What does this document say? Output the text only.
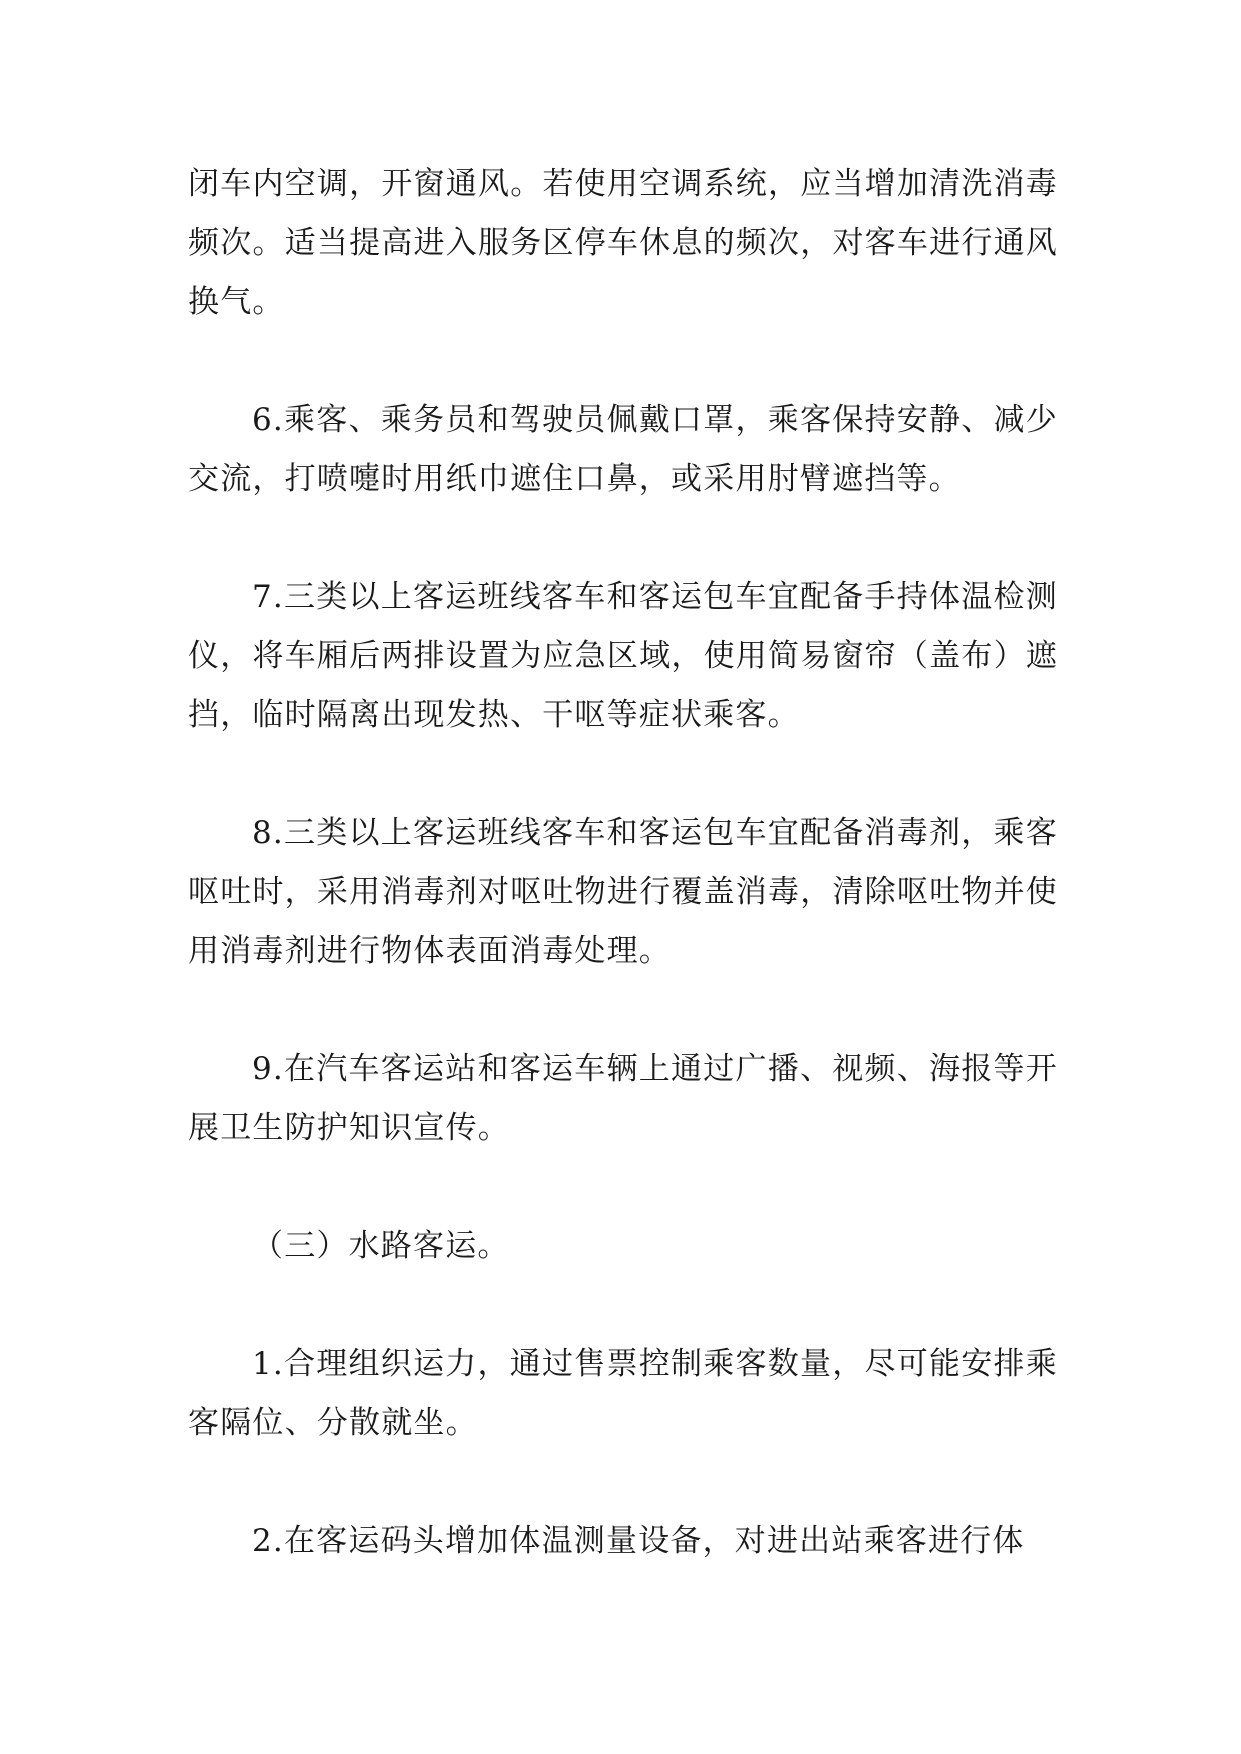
闭车内空调，开窗通风。若使用空调系统，应当增加清洗消毒频次。适当提高进入服务区停车休息的频次，对客车进行通风换气。

6.乘客、乘务员和驾驶员佩戴口罩，乘客保持安静、减少交流，打喷嚏时用纸巾遮住口鼻，或采用肘臂遮挡等。

7.三类以上客运班线客车和客运包车宜配备手持体温检测仪，将车厢后两排设置为应急区域，使用简易窗帘（盖布）遮挡，临时隔离出现发热、干呕等症状乘客。

8.三类以上客运班线客车和客运包车宜配备消毒剂，乘客呕吐时，采用消毒剂对呕吐物进行覆盖消毒，清除呕吐物并使用消毒剂进行物体表面消毒处理。

9.在汽车客运站和客运车辆上通过广播、视频、海报等开展卫生防护知识宣传。

（三）水路客运。

1.合理组织运力，通过售票控制乘客数量，尽可能安排乘客隔位、分散就坐。

2.在客运码头增加体温测量设备，对进出站乘客进行体
